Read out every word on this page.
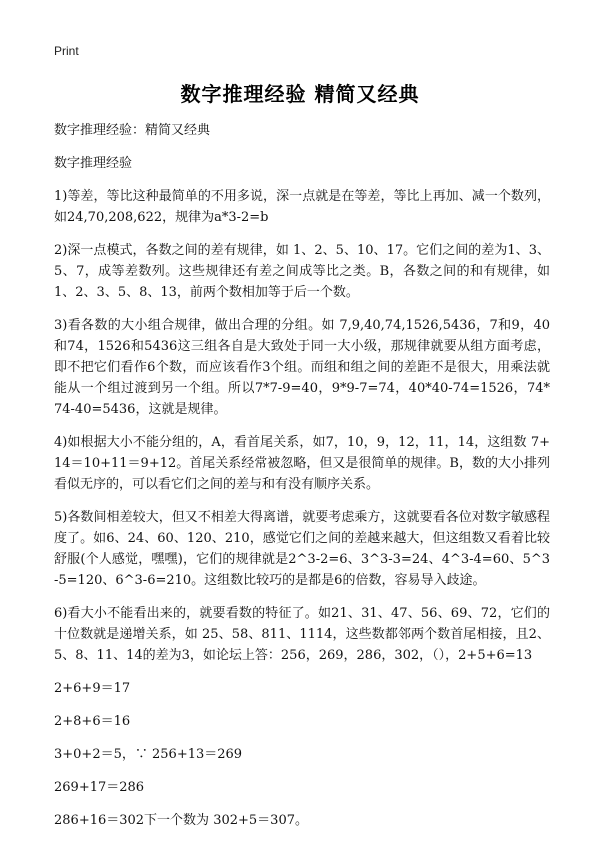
Print
数字推理经验 精简又经典

数字推理经验：精简又经典

数字推理经验

1)等差，等比这种最简单的不用多说，深一点就是在等差，等比上再加、减一个数列，如24,70,208,622，规律为a*3-2=b

2)深一点模式，各数之间的差有规律，如 1、2、5、10、17。它们之间的差为1、3、5、7，成等差数列。这些规律还有差之间成等比之类。B，各数之间的和有规律，如1、2、3、5、8、13，前两个数相加等于后一个数。

3)看各数的大小组合规律，做出合理的分组。如 7,9,40,74,1526,5436，7和9，40和74，1526和5436这三组各自是大致处于同一大小级，那规律就要从组方面考虑，即不把它们看作6个数，而应该看作3个组。而组和组之间的差距不是很大，用乘法就能从一个组过渡到另一个组。所以7*7-9=40，9*9-7=74，40*40-74=1526，74*74-40=5436，这就是规律。

4)如根据大小不能分组的，A，看首尾关系，如7，10，9，12，11，14，这组数 7+14＝10+11＝9+12。首尾关系经常被忽略，但又是很简单的规律。B，数的大小排列看似无序的，可以看它们之间的差与和有没有顺序关系。

5)各数间相差较大，但又不相差大得离谱，就要考虑乘方，这就要看各位对数字敏感程度了。如6、24、60、120、210，感觉它们之间的差越来越大，但这组数又看着比较舒服(个人感觉，嘿嘿)，它们的规律就是2^3-2=6、3^3-3=24、4^3-4=60、5^3-5=120、6^3-6=210。这组数比较巧的是都是6的倍数，容易导入歧途。

6)看大小不能看出来的，就要看数的特征了。如21、31、47、56、69、72，它们的十位数就是递增关系，如 25、58、811、1114，这些数都邻两个数首尾相接，且2、5、8、11、14的差为3，如论坛上答：256，269，286，302，（），2+5+6=13

2+6+9＝17

2+8+6＝16

3+0+2＝5，∵ 256+13＝269

269+17＝286

286+16＝302下一个数为 302+5＝307。
